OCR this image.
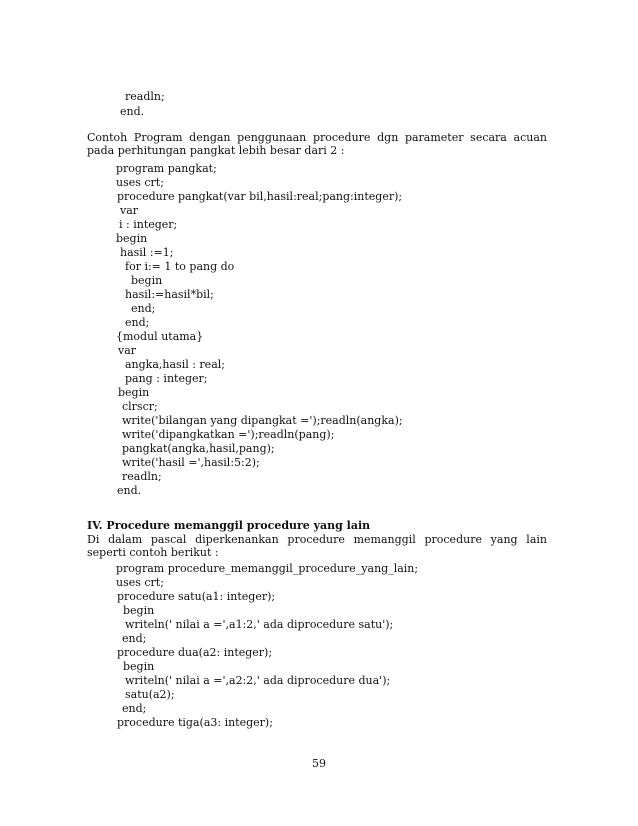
readln;
end.
Contoh Program dengan penggunaan procedure dgn parameter secara acuan pada perhitungan pangkat lebih besar dari 2 :
program pangkat;
uses crt;
procedure pangkat(var bil,hasil:real;pang:integer);
var
i : integer;
begin
hasil :=1;
for i:= 1 to pang do
begin
hasil:=hasil*bil;
end;
end;
{modul utama}
var
angka,hasil : real;
pang : integer;
begin
clrscr;
write('bilangan yang dipangkat =');readln(angka);
write('dipangkatkan =');readln(pang);
pangkat(angka,hasil,pang);
write('hasil =',hasil:5:2);
readln;
end.
IV. Procedure memanggil procedure yang lain
Di dalam pascal diperkenankan procedure memanggil procedure yang lain seperti contoh berikut :
program procedure_memanggil_procedure_yang_lain;
uses crt;
procedure satu(a1: integer);
begin
writeln(' nilai a =',a1:2,' ada diprocedure satu');
end;
procedure dua(a2: integer);
begin
writeln(' nilai a =',a2:2,' ada diprocedure dua');
satu(a2);
end;
procedure tiga(a3: integer);
59
